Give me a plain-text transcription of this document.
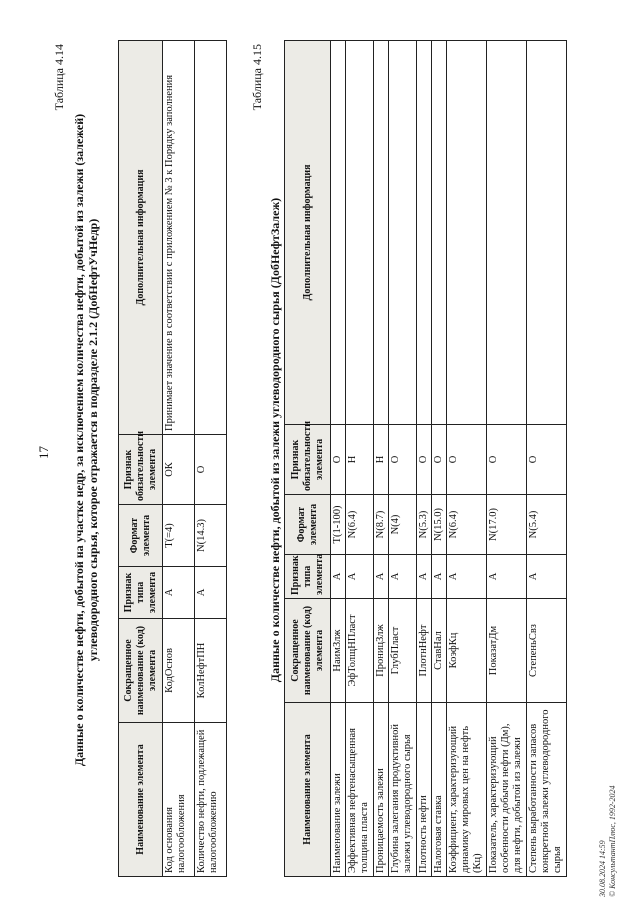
17
Таблица 4.14
Данные о количестве нефти, добытой на участке недр, за исключением количества нефти, добытой из залежи (залежей) углеводородного сырья, которое отражается в подразделе 2.1.2 (ДобНефтУчНедр)
Наименование элемента	Сокращенное наименование (код) элемента	Признак типа элемента	Формат элемента	Признак обязательности элемента	Дополнительная информация
Код основания налогообложения	КодОснов	А	T(=4)	ОК	Принимает значение в соответствии с приложением № 3 к Порядку заполнения
Количество нефти, подлежащей налогообложению	КолНефтПН	А	N(14.3)	О	
Таблица 4.15
Данные о количестве нефти, добытой из залежи углеводородного сырья (ДобНефтЗалеж)
Наименование элемента	Сокращенное наименование (код) элемента	Признак типа элемента	Формат элемента	Признак обязательности элемента	Дополнительная информация
Наименование залежи	НаимЗлж	А	T(1-100)	О	
Эффективная нефтенасыщенная толщина пласта	ЭфТолщНПласт	А	N(6.4)	Н	
Проницаемость залежи	ПроницЗлж	А	N(8.7)	Н	
Глубина залегания продуктивной залежи углеводородного сырья	ГлубПласт	А	N(4)	О	
Плотность нефти	ПлотнНефт	А	N(5.3)	О	
Налоговая ставка	СтавНал	А	N(15.0)	О	
Коэффициент, характеризующий динамику мировых цен на нефть (Кц)	КоэфКц	А	N(6.4)	О	
Показатель, характеризующий особенности добычи нефти (Дм), для нефти, добытой из залежи	ПоказатДм	А	N(17.0)	О	
Степень выработанности запасов конкретной залежи углеводородного сырья	СтепеньСвз	А	N(5.4)	О	
30.08.2024 14:59 © КонсультантПлюс, 1992-2024
